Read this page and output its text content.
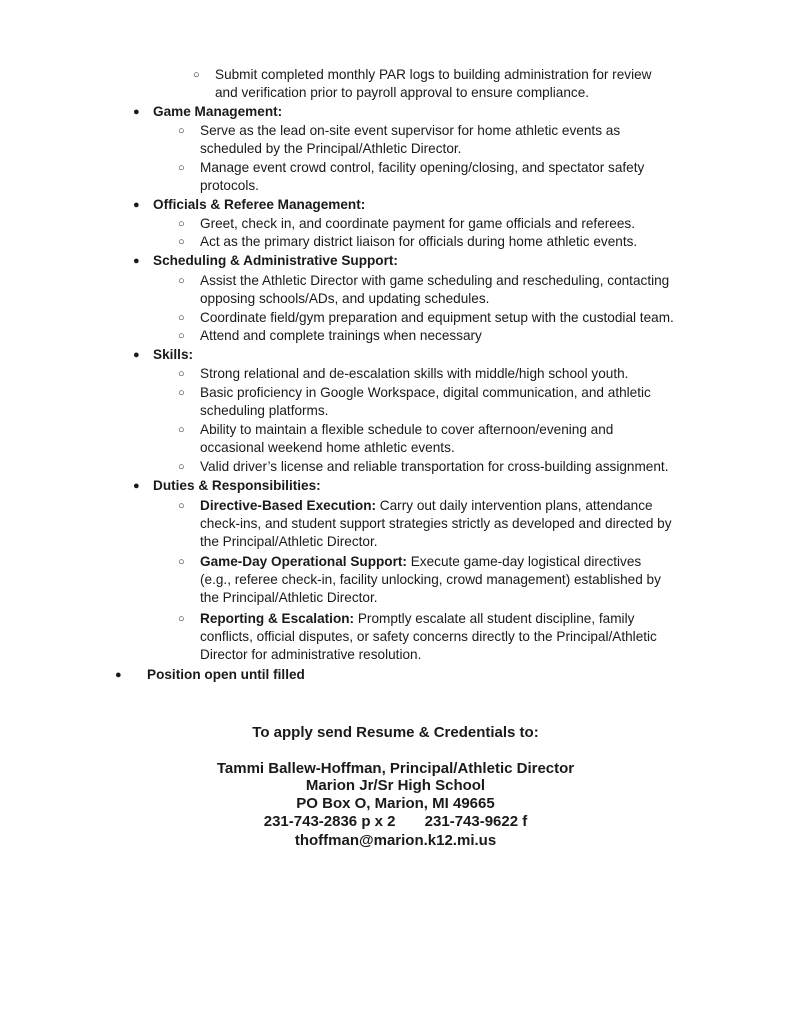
○ Submit completed monthly PAR logs to building administration for review
and verification prior to payroll approval to ensure compliance.
● Game Management:
○ Serve as the lead on-site event supervisor for home athletic events as
scheduled by the Principal/Athletic Director.
○ Manage event crowd control, facility opening/closing, and spectator safety
protocols.
● Officials & Referee Management:
○ Greet, check in, and coordinate payment for game officials and referees.
○ Act as the primary district liaison for officials during home athletic events.
● Scheduling & Administrative Support:
○ Assist the Athletic Director with game scheduling and rescheduling, contacting
opposing schools/ADs, and updating schedules.
○ Coordinate field/gym preparation and equipment setup with the custodial team.
○ Attend and complete trainings when necessary
● Skills:
○ Strong relational and de-escalation skills with middle/high school youth.
○ Basic proficiency in Google Workspace, digital communication, and athletic
scheduling platforms.
○ Ability to maintain a flexible schedule to cover afternoon/evening and
occasional weekend home athletic events.
○ Valid driver’s license and reliable transportation for cross-building assignment.
● Duties & Responsibilities:
○ Directive-Based Execution: Carry out daily intervention plans, attendance
check-ins, and student support strategies strictly as developed and directed by
the Principal/Athletic Director.
○ Game-Day Operational Support: Execute game-day logistical directives
(e.g., referee check-in, facility unlocking, crowd management) established by
the Principal/Athletic Director.
○ Reporting & Escalation: Promptly escalate all student discipline, family
conflicts, official disputes, or safety concerns directly to the Principal/Athletic
Director for administrative resolution.
● Position open until filled
To apply send Resume & Credentials to:
Tammi Ballew-Hoffman, Principal/Athletic Director
Marion Jr/Sr High School
PO Box O, Marion, MI 49665
231-743-2836 p x 2       231-743-9622 f
thoffman@marion.k12.mi.us
